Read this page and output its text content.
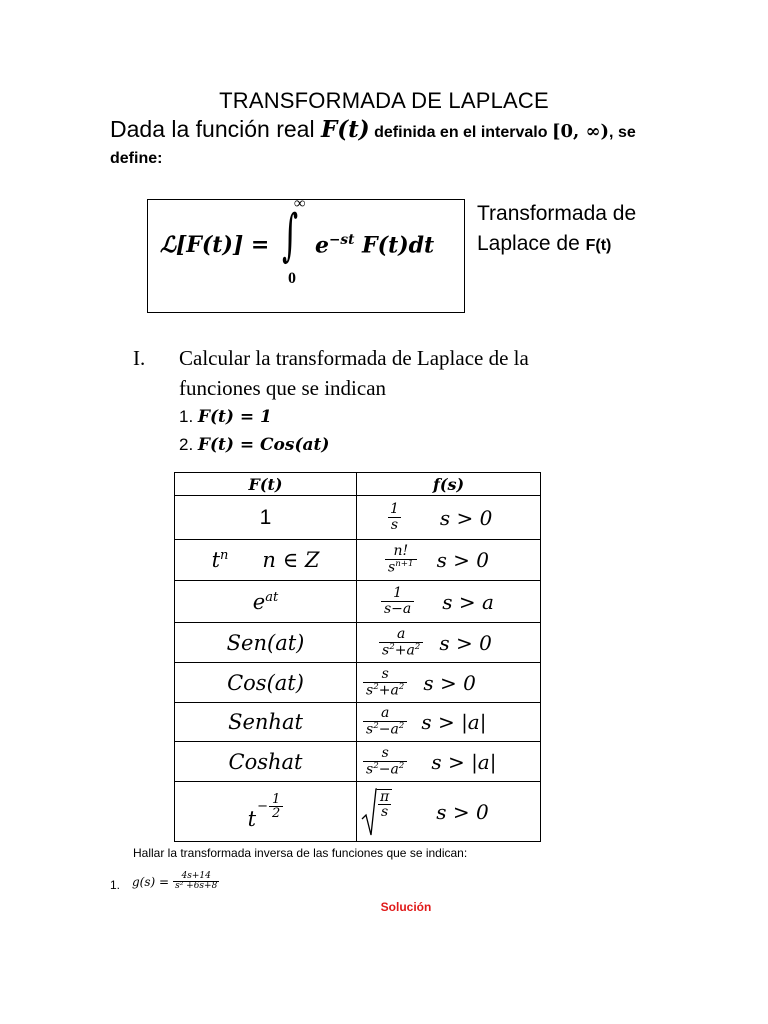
TRANSFORMADA DE LAPLACE
Dada la función real F(t) definida en el intervalo [0, ∞), se
define:
ℒ[F(t)] =
∞
∫
0
$e^{-st}$ F(t)dt
Transformada de
Laplace de F(t)
I. Calcular la transformada de Laplace de la
funciones que se indican
1. F(t) = 1
2. F(t) = Cos(at)
F(t)	f(s)
1	$\frac{1}{s}$ s > 0

$t^n$ n ∈ Z	$\frac{n!}{s^{n+1}}$ s > 0

$e^{at}$	$\frac{1}{s-a}$ s > a

Sen(at)	$\frac{a}{s^2+a^2}$ s > 0

Cos(at)	$\frac{s}{s^2+a^2}$ s > 0

Senhat	$\frac{a}{s^2-a^2}$ s > |a|

Coshat	$\frac{s}{s^2-a^2}$ s > |a|

$t - \frac{1}{2}$	$\frac{\pi}{s}$ s > 0
Hallar la transformada inversa de las funciones que se indican:
1. $g(s) = \frac{4s+14}{\text{s² +6s+8}}$
Solución
